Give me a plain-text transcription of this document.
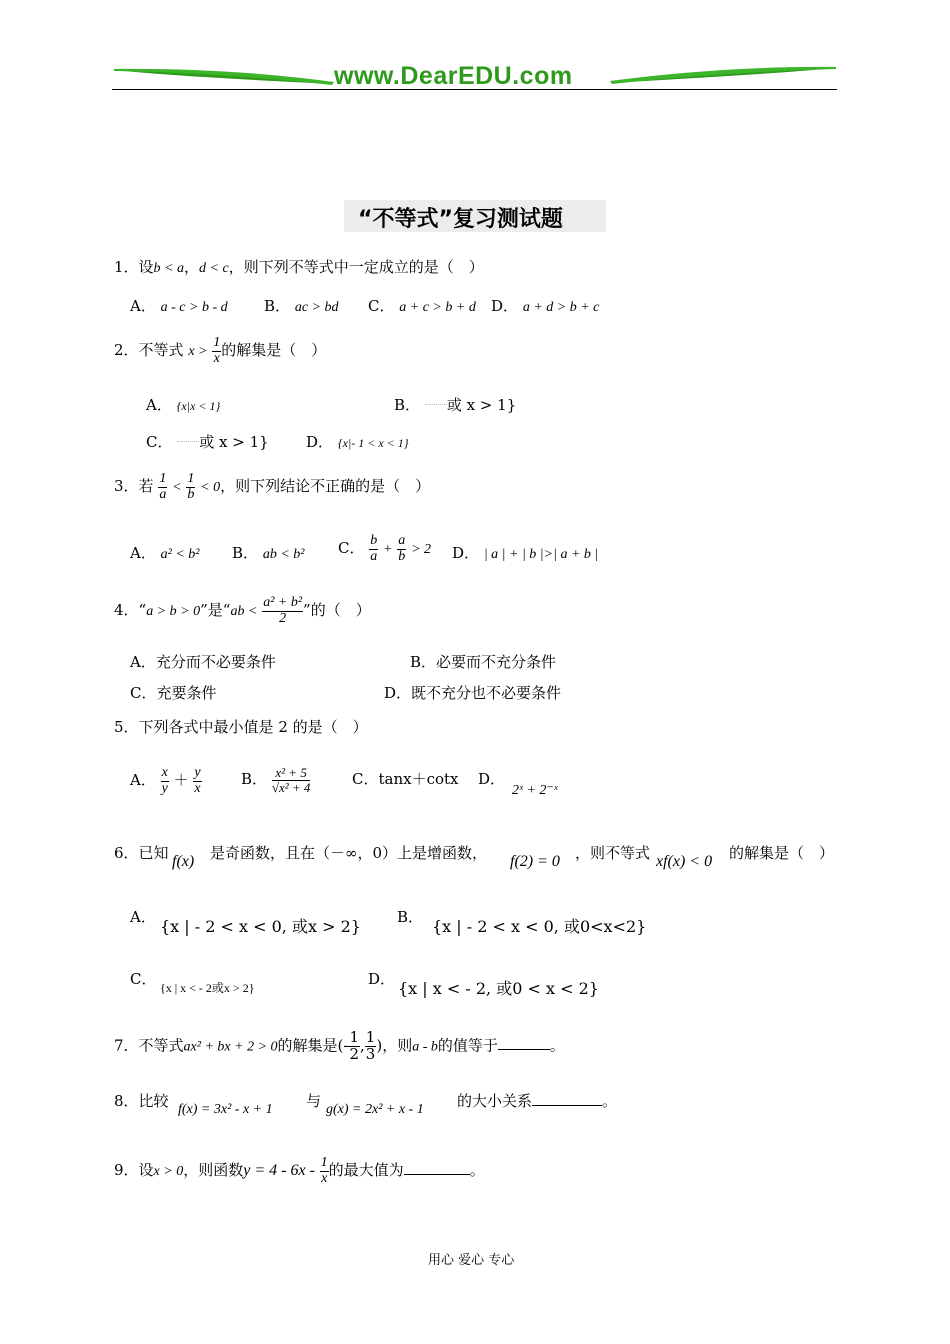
www.DearEDU.com
“不等式”复习测试题
1．设b < a，d < c，则下列不等式中一定成立的是（　）
A． a - c > b - d B． ac > bd C． a + c > b + d D． a + d > b + c
2．不等式 $x > \frac{1}{x}$ 的解集是（　）
A． {x|x < 1}	B． 或 x > 1}
C． 或 x > 1} D． {x|- 1 < x < 1}
3．若 $\frac{1}{a} < \frac{1}{b} < 0$，则下列结论不正确的是（　）
A． a² < b² B． ab < b² C． $\frac{b}{a} + \frac{a}{b} > 2$ D． | a | + | b |>| a + b |
4．“a > b > 0”是“ab < $\frac{\text{a² + b²}}{2}$ ”的（　）
A．充分而不必要条件	B．必要而不充分条件
C．充要条件	D．既不充分也不必要条件
5．下列各式中最小值是 2 的是（　）
A． $\frac{x}{y} + \frac{y}{x}$	B． $\frac{\text{x² + 5}}{\text{√x² + 4}}$	C．tanx＋cotx D．
2ˣ + 2⁻ˣ
6．已知 f(x) 是奇函数，且在（－∞，0）上是增函数， f(2) = 0 ，则不等式 xf(x) < 0 的解集是（　）
A． {x | - 2 < x < 0, 或x > 2} B． {x | - 2 < x < 0, 或0<x<2}
C． {x | x < - 2或x > 2}	D． {x | x < - 2, 或0 < x < 2}
7．不等式ax² + bx + 2 > 0的解集是(- $\frac{1}{2}$ , $\frac{1}{3}$ )，则a - b的值等于	。
8．比较 f(x) = 3x² - x + 1 与 g(x) = 2x² + x - 1 的大小关系	。
9．设x > 0，则函数$y = 4 - 6x - \frac{1}{x}$ 的最大值为	。
用心 爱心 专心
